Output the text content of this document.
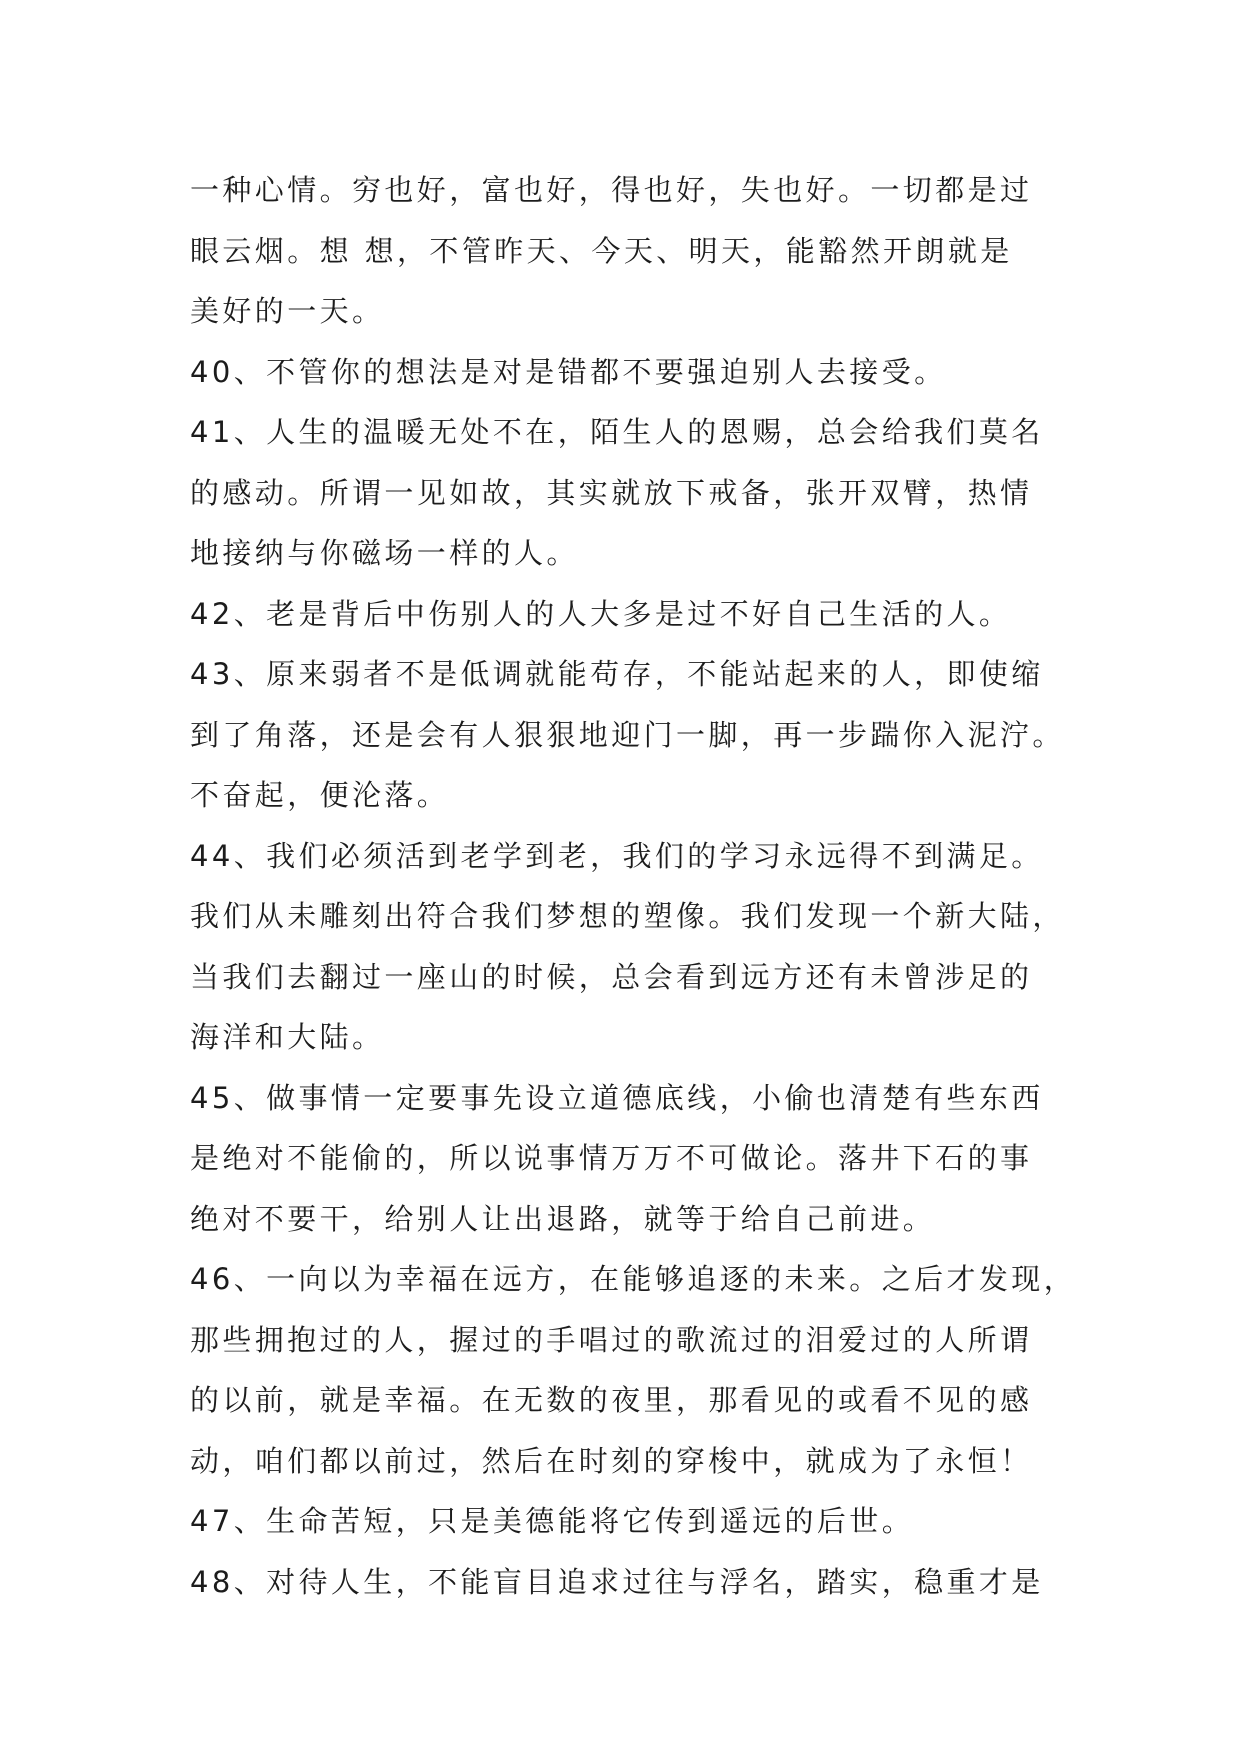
一种心情。穷也好，富也好，得也好，失也好。一切都是过
眼云烟。想 想，不管昨天、今天、明天，能豁然开朗就是
美好的一天。
40、不管你的想法是对是错都不要强迫别人去接受。
41、人生的温暖无处不在，陌生人的恩赐，总会给我们莫名
的感动。所谓一见如故，其实就放下戒备，张开双臂，热情
地接纳与你磁场一样的人。
42、老是背后中伤别人的人大多是过不好自己生活的人。
43、原来弱者不是低调就能苟存，不能站起来的人，即使缩
到了角落，还是会有人狠狠地迎门一脚，再一步踹你入泥泞。
不奋起，便沦落。
44、我们必须活到老学到老，我们的学习永远得不到满足。
我们从未雕刻出符合我们梦想的塑像。我们发现一个新大陆，
当我们去翻过一座山的时候，总会看到远方还有未曾涉足的
海洋和大陆。
45、做事情一定要事先设立道德底线，小偷也清楚有些东西
是绝对不能偷的，所以说事情万万不可做论。落井下石的事
绝对不要干，给别人让出退路，就等于给自己前进。
46、一向以为幸福在远方，在能够追逐的未来。之后才发现，
那些拥抱过的人，握过的手唱过的歌流过的泪爱过的人所谓
的以前，就是幸福。在无数的夜里，那看见的或看不见的感
动，咱们都以前过，然后在时刻的穿梭中，就成为了永恒！
47、生命苦短，只是美德能将它传到遥远的后世。
48、对待人生，不能盲目追求过往与浮名，踏实，稳重才是
